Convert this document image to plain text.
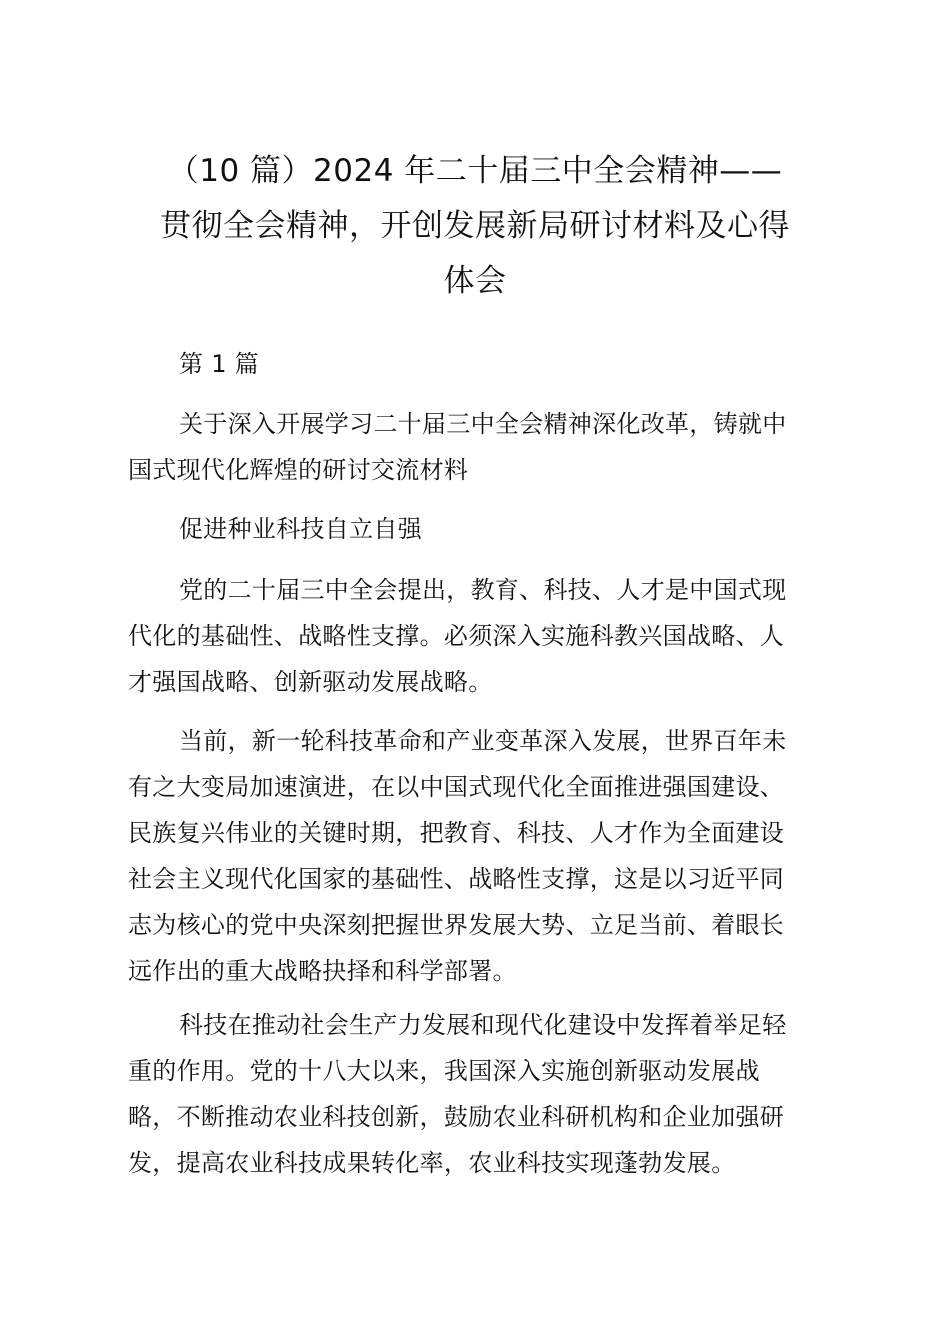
（10 篇）2024 年二十届三中全会精神——
贯彻全会精神，开创发展新局研讨材料及心得
体会

第 1 篇

关于深入开展学习二十届三中全会精神深化改革，铸就中
国式现代化辉煌的研讨交流材料

促进种业科技自立自强

党的二十届三中全会提出，教育、科技、人才是中国式现
代化的基础性、战略性支撑。必须深入实施科教兴国战略、人
才强国战略、创新驱动发展战略。

当前，新一轮科技革命和产业变革深入发展，世界百年未
有之大变局加速演进，在以中国式现代化全面推进强国建设、
民族复兴伟业的关键时期，把教育、科技、人才作为全面建设
社会主义现代化国家的基础性、战略性支撑，这是以习近平同
志为核心的党中央深刻把握世界发展大势、立足当前、着眼长
远作出的重大战略抉择和科学部署。

科技在推动社会生产力发展和现代化建设中发挥着举足轻
重的作用。党的十八大以来，我国深入实施创新驱动发展战
略，不断推动农业科技创新，鼓励农业科研机构和企业加强研
发，提高农业科技成果转化率，农业科技实现蓬勃发展。
